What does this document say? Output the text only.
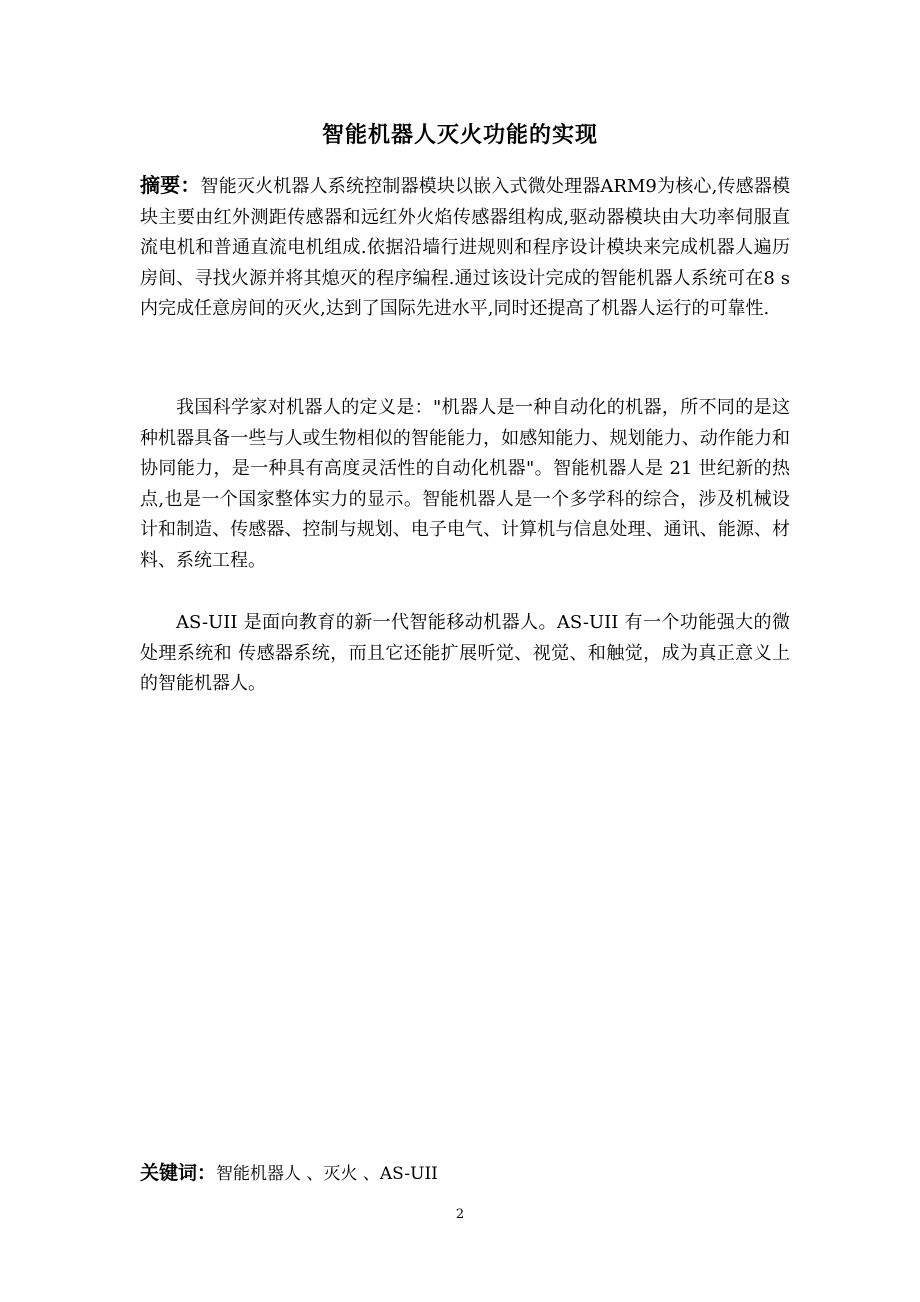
智能机器人灭火功能的实现
摘要：智能灭火机器人系统控制器模块以嵌入式微处理器ARM9为核心,传感器模块主要由红外测距传感器和远红外火焰传感器组构成,驱动器模块由大功率伺服直流电机和普通直流电机组成.依据沿墙行进规则和程序设计模块来完成机器人遍历房间、寻找火源并将其熄灭的程序编程.通过该设计完成的智能机器人系统可在8 s内完成任意房间的灭火,达到了国际先进水平,同时还提高了机器人运行的可靠性.

我国科学家对机器人的定义是："机器人是一种自动化的机器，所不同的是这种机器具备一些与人或生物相似的智能能力，如感知能力、规划能力、动作能力和协同能力，是一种具有高度灵活性的自动化机器"。智能机器人是 21 世纪新的热点,也是一个国家整体实力的显示。智能机器人是一个多学科的综合，涉及机械设计和制造、传感器、控制与规划、电子电气、计算机与信息处理、通讯、能源、材料、系统工程。

AS-UII 是面向教育的新一代智能移动机器人。AS-UII 有一个功能强大的微处理系统和 传感器系统，而且它还能扩展听觉、视觉、和触觉，成为真正意义上的智能机器人。

关键词：智能机器人 、灭火 、AS-UII
2
